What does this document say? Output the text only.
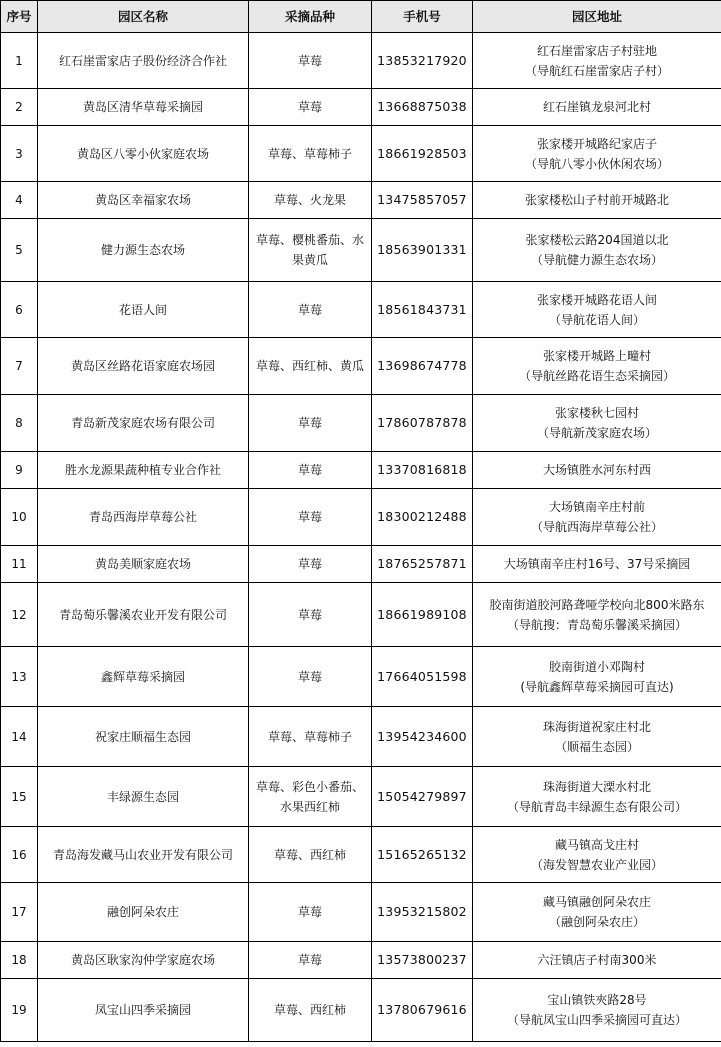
序号	园区名称	采摘品种	手机号	园区地址
1	红石崖雷家店子股份经济合作社	草莓	13853217920	红石崖雷家店子村驻地
（导航红石崖雷家店子村）

2	黄岛区清华草莓采摘园	草莓	13668875038	红石崖镇龙泉河北村

3	黄岛区八零小伙家庭农场	草莓、草莓柿子	18661928503	张家楼开城路纪家店子
（导航八零小伙休闲农场）

4	黄岛区幸福家农场	草莓、火龙果	13475857057	张家楼松山子村前开城路北

5	健力源生态农场	草莓、樱桃番茄、水果黄瓜	18563901331	张家楼松云路204国道以北
（导航健力源生态农场）

6	花语人间	草莓	18561843731	张家楼开城路花语人间
（导航花语人间）

7	黄岛区丝路花语家庭农场园	草莓、西红柿、黄瓜	13698674778	张家楼开城路上疃村
（导航丝路花语生态采摘园）

8	青岛新茂家庭农场有限公司	草莓	17860787878	张家楼秋七园村
（导航新茂家庭农场）

9	胜水龙源果蔬种植专业合作社	草莓	13370816818	大场镇胜水河东村西

10	青岛西海岸草莓公社	草莓	18300212488	大场镇南辛庄村前
（导航西海岸草莓公社）

11	黄岛美顺家庭农场	草莓	18765257871	大场镇南辛庄村16号、37号采摘园

12	青岛萄乐馨溪农业开发有限公司	草莓	18661989108	胶南街道胶河路聋哑学校向北800米路东
（导航搜：青岛萄乐馨溪采摘园）

13	鑫辉草莓采摘园	草莓	17664051598	胶南街道小邓陶村
(导航鑫辉草莓采摘园可直达)

14	祝家庄顺福生态园	草莓、草莓柿子	13954234600	珠海街道祝家庄村北
（顺福生态园）

15	丰绿源生态园	草莓、彩色小番茄、水果西红柿	15054279897	珠海街道大溧水村北
（导航青岛丰绿源生态有限公司）

16	青岛海发藏马山农业开发有限公司	草莓、西红柿	15165265132	藏马镇高戈庄村
（海发智慧农业产业园）

17	融创阿朵农庄	草莓	13953215802	藏马镇融创阿朵农庄
（融创阿朵农庄）

18	黄岛区耿家沟仲学家庭农场	草莓	13573800237	六汪镇店子村南300米

19	凤宝山四季采摘园	草莓、西红柿	13780679616	宝山镇铁夾路28号
（导航凤宝山四季采摘园可直达）
